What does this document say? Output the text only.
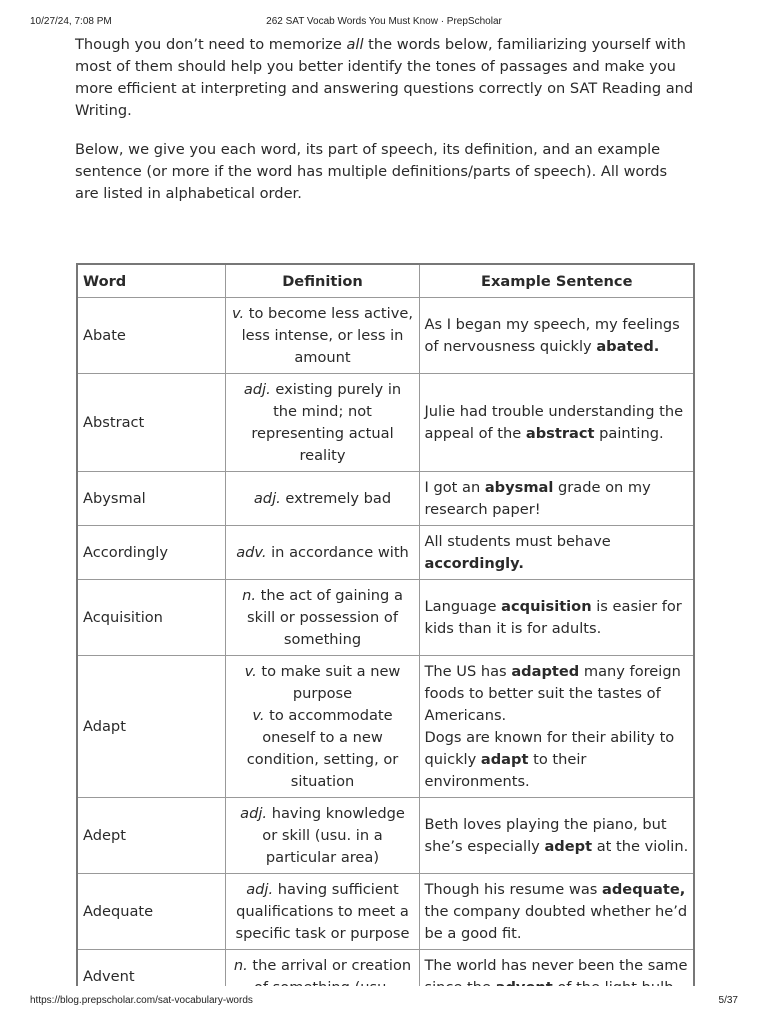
10/27/24, 7:08 PM	262 SAT Vocab Words You Must Know · PrepScholar

Though you don’t need to memorize all the words below, familiarizing yourself with most of them should help you better identify the tones of passages and make you more efficient at interpreting and answering questions correctly on SAT Reading and Writing.

Below, we give you each word, its part of speech, its definition, and an example sentence (or more if the word has multiple definitions/parts of speech). All words are listed in alphabetical order.

Word	Definition	Example Sentence
Abate	v. to become less active, less intense, or less in amount	As I began my speech, my feelings of nervousness quickly abated.
Abstract	adj. existing purely in the mind; not representing actual reality	Julie had trouble understanding the appeal of the abstract painting.
Abysmal	adj. extremely bad	I got an abysmal grade on my research paper!
Accordingly	adv. in accordance with	All students must behave accordingly.
Acquisition	n. the act of gaining a skill or possession of something	Language acquisition is easier for kids than it is for adults.
Adapt	v. to make suit a new purpose
v. to accommodate oneself to a new condition, setting, or situation	The US has adapted many foreign foods to better suit the tastes of Americans.
Dogs are known for their ability to quickly adapt to their environments.
Adept	adj. having knowledge or skill (usu. in a particular area)	Beth loves playing the piano, but she’s especially adept at the violin.
Adequate	adj. having sufficient qualifications to meet a specific task or purpose	Though his resume was adequate, the company doubted whether he’d be a good fit.
Advent	n. the arrival or creation	The world has never been the same
https://blog.prepscholar.com/sat-vocabulary-words	5/37
